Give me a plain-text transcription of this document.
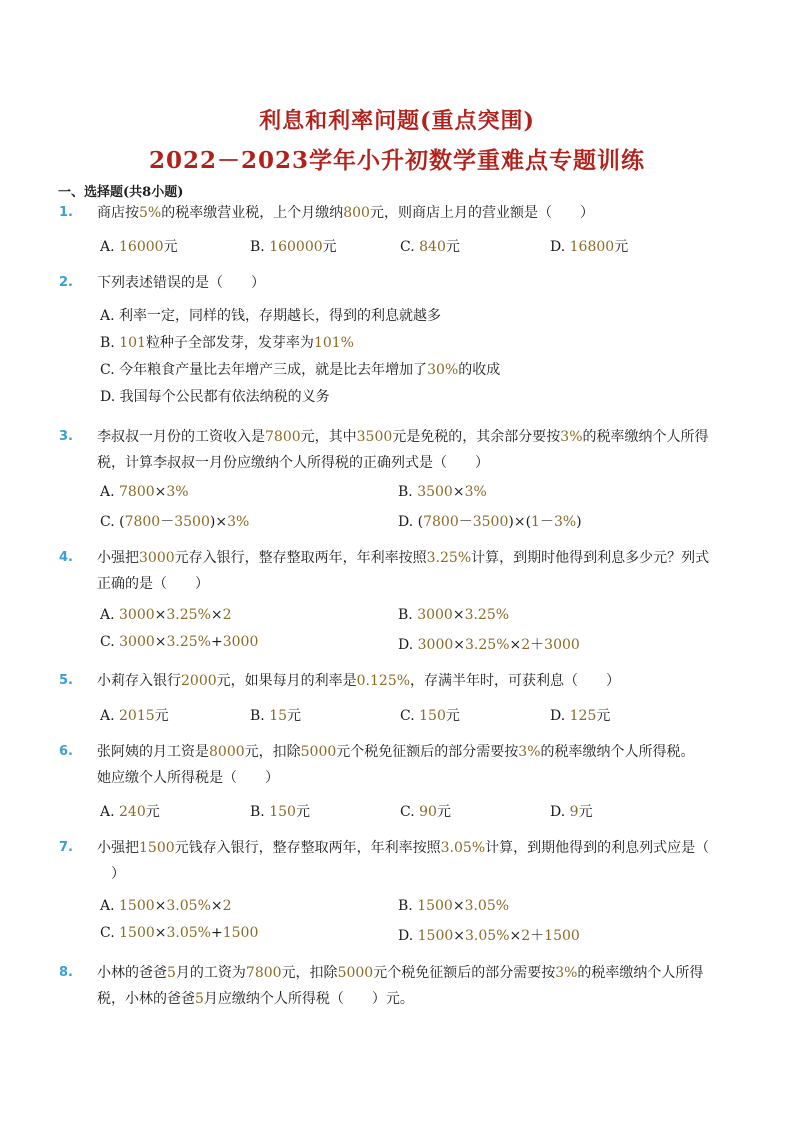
利息和利率问题(重点突围)
2022－2023学年小升初数学重难点专题训练
一、选择题(共8小题)
1. 商店按5%的税率缴营业税，上个月缴纳800元，则商店上月的营业额是（　　）
A. 16000元	B. 160000元	C. 840元	D. 16800元
2. 下列表述错误的是（　　）
A. 利率一定，同样的钱，存期越长，得到的利息就越多
B. 101粒种子全部发芽，发芽率为101%
C. 今年粮食产量比去年增产三成，就是比去年增加了30%的收成
D. 我国每个公民都有依法纳税的义务
3. 李叔叔一月份的工资收入是7800元，其中3500元是免税的，其余部分要按3%的税率缴纳个人所得
税，计算李叔叔一月份应缴纳个人所得税的正确列式是（　　）
A. 7800×3%	B. 3500×3%
C. (7800－3500)×3%	D. (7800－3500)×(1－3%)
4. 小强把3000元存入银行，整存整取两年，年利率按照3.25%计算，到期时他得到利息多少元？列式
正确的是（　　）
A. 3000×3.25%×2	B. 3000×3.25%
C. 3000×3.25%+3000	D. 3000×3.25%×2＋3000
5. 小莉存入银行2000元，如果每月的利率是0.125%，存满半年时，可获利息（　　）
A. 2015元	B. 15元	C. 150元	D. 125元
6. 张阿姨的月工资是8000元，扣除5000元个税免征额后的部分需要按3%的税率缴纳个人所得税。
她应缴个人所得税是（　　）
A. 240元	B. 150元	C. 90元	D. 9元
7. 小强把1500元钱存入银行，整存整取两年，年利率按照3.05%计算，到期他得到的利息列式应是（
　）
A. 1500×3.05%×2	B. 1500×3.05%
C. 1500×3.05%+1500	D. 1500×3.05%×2＋1500
8. 小林的爸爸5月的工资为7800元，扣除5000元个税免征额后的部分需要按3%的税率缴纳个人所得
税，小林的爸爸5月应缴纳个人所得税（　　）元。
